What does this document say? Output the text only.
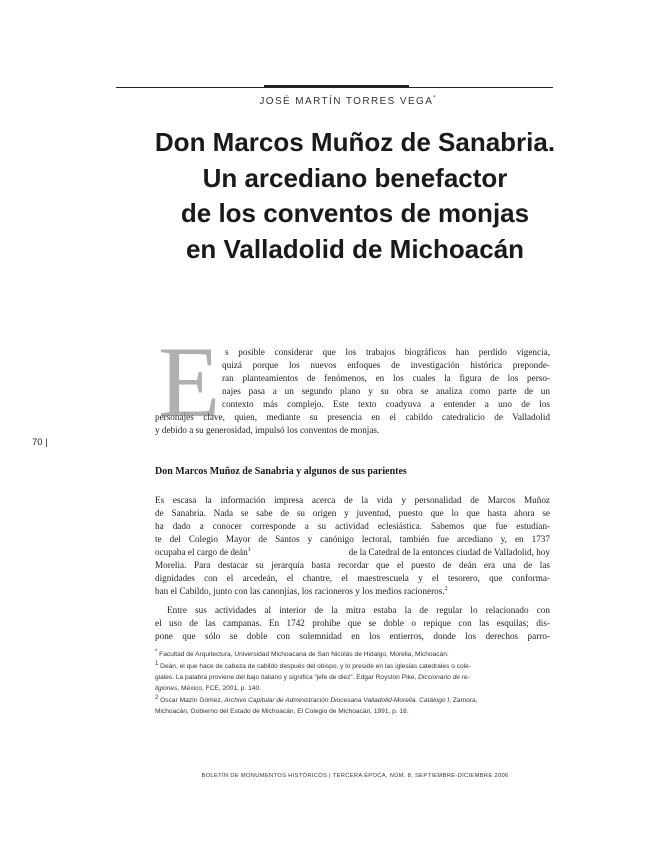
JOSÉ MARTÍN TORRES VEGA*
Don Marcos Muñoz de Sanabria.
Un arcediano benefactor
de los conventos de monjas
en Valladolid de Michoacán
E s posible considerar que los trabajos biográficos han perdido vigencia,
quizá porque los nuevos enfoques de investigación histórica preponde-
ran planteamientos de fenómenos, en los cuales la figura de los perso-
najes pasa a un segundo plano y su obra se analiza como parte de un
contexto más complejo. Este texto coadyuva a entender a uno de los
personajes clave, quien, mediante su presencia en el cabildo catedralicio de Valladolid
y debido a su generosidad, impulsó los conventos de monjas.
70 |
Don Marcos Muñoz de Sanabria y algunos de sus parientes
Es escasa la información impresa acerca de la vida y personalidad de Marcos Muñoz
de Sanabria. Nada se sabe de su origen y juventud, puesto que lo que hasta ahora se
ha dado a conocer corresponde a su actividad eclesiástica. Sabemos que fue estudian-
te del Colegio Mayor de Santos y canónigo lectoral, también fue arcediano y, en 1737
ocupaba el cargo de deán$^1$	de la Catedral de la entonces ciudad de Valladolid, hoy
Morelia. Para destacar su jerarquía basta recordar que el puesto de deán era una de las
dignidades con el arcedeán, el chantre, el maestrescuela y el tesorero, que conforma-
ban el Cabildo, junto con las canonjías, los racioneros y los medios racioneros.$^2$
Entre sus actividades al interior de la mitra estaba la de regular lo relacionado con
el uso de las campanas. En 1742 prohíbe que se doble o repique con las esquilas; dis-
pone que sólo se doble con solemnidad en los entierros, donde los derechos parro-
* Facultad de Arquitectura, Universidad Michoacana de San Nicolás de Hidalgo, Morelia, Michoacán.
$^1$ Deán, el que hace de cabeza de cabildo después del obispo, y lo preside en las iglesias catedrales o cole-
giales. La palabra proviene del bajo italiano y significa “jefe de diez”. Edgar Royston Pike, Diccionario de re-
ligiones, México, FCE, 2001, p. 140.
$^2$ Oscar Mazín Gómez, Archivo Capitular de Administración Diocesana Valladolid-Morelia. Catálogo I, Zamora,
Michoacán, Gobierno del Estado de Michoacán, El Colegio de Michoacán, 1991, p. 16.
BOLETÍN DE MONUMENTOS HISTÓRICOS | TERCERA ÉPOCA, NÚM. 8, SEPTIEMBRE-DICIEMBRE 2006
